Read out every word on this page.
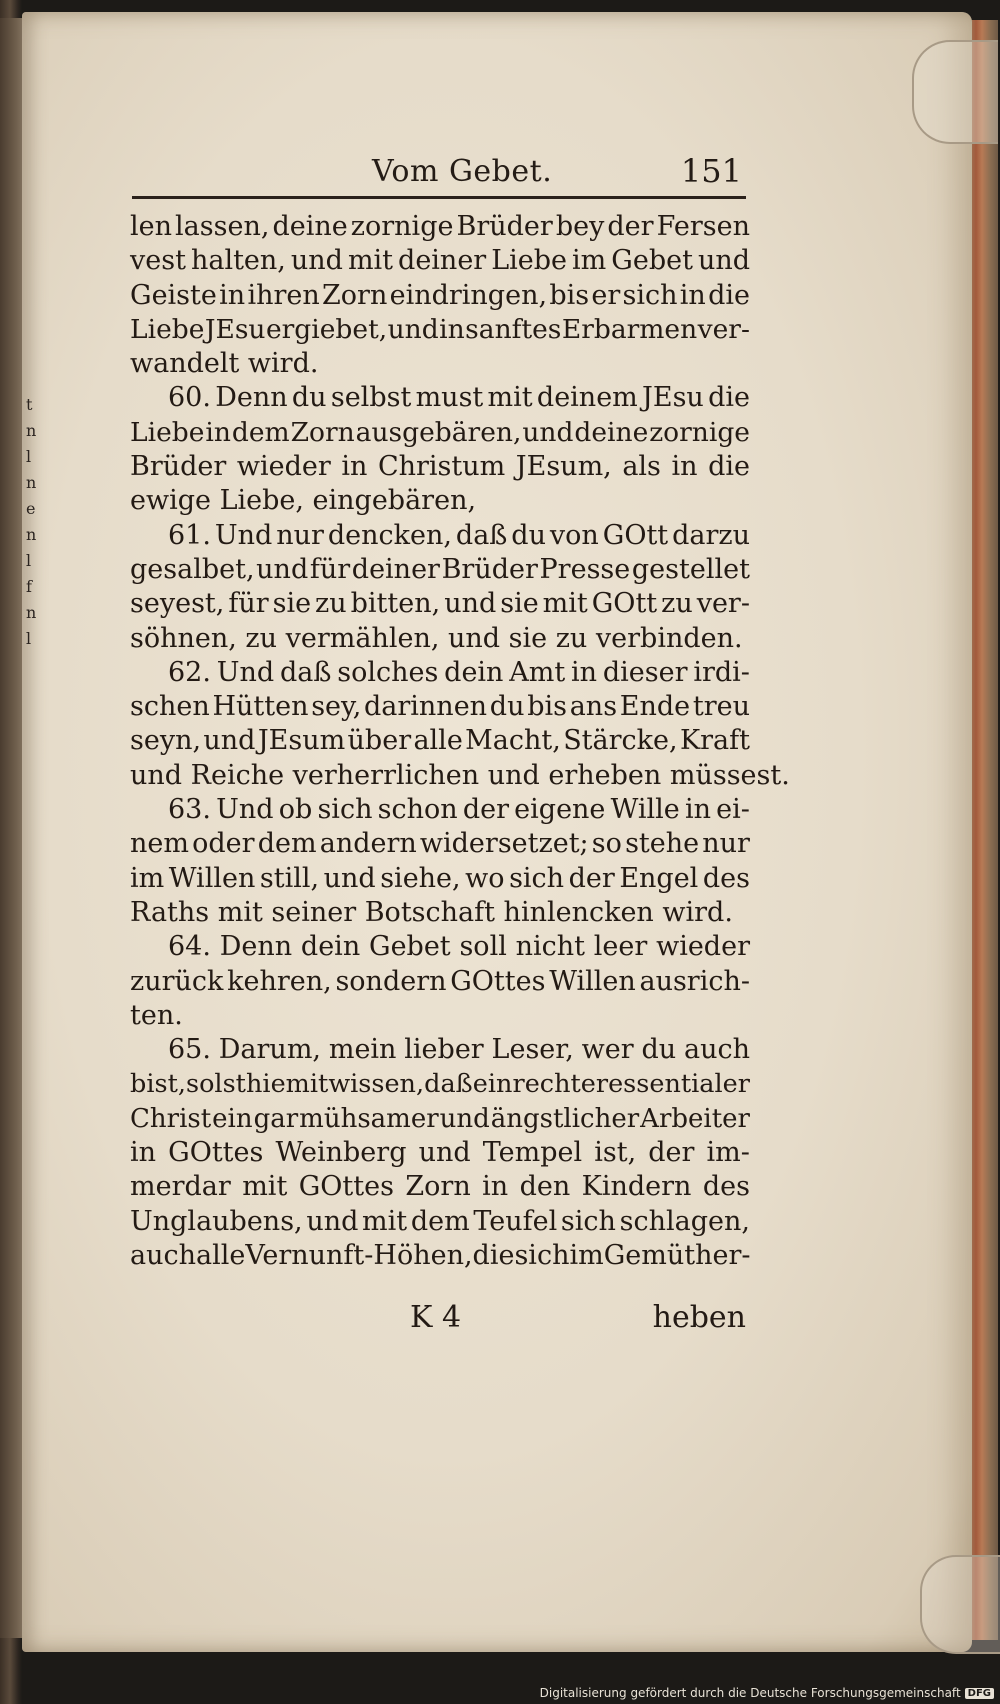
t
n
l
n
e
n
l
f
n
l
Vom Gebet.	151
len lassen, deine zornige Brüder bey der Fersen
vest halten, und mit deiner Liebe im Gebet und
Geiste in ihren Zorn eindringen, bis er sich in die
Liebe JEsu ergiebet, und in sanftes Erbarmen ver-
wandelt wird.
60. Denn du selbst must mit deinem JEsu die
Liebe in dem Zorn ausgebären, und deine zornige
Brüder wieder in Christum JEsum, als in die
ewige Liebe, eingebären,
61. Und nur dencken, daß du von GOtt darzu
gesalbet, und für deiner Brüder Presse gestellet
seyest, für sie zu bitten, und sie mit GOtt zu ver-
söhnen, zu vermählen, und sie zu verbinden.
62. Und daß solches dein Amt in dieser irdi-
schen Hütten sey, darinnen du bis ans Ende treu
seyn, und JEsum über alle Macht, Stärcke, Kraft
und Reiche verherrlichen und erheben müssest.
63. Und ob sich schon der eigene Wille in ei-
nem oder dem andern widersetzet; so stehe nur
im Willen still, und siehe, wo sich der Engel des
Raths mit seiner Botschaft hinlencken wird.
64. Denn dein Gebet soll nicht leer wieder
zurück kehren, sondern GOttes Willen ausrich-
ten.
65. Darum, mein lieber Leser, wer du auch
bist, solst hiemit wissen, daß ein rechter essentialer
Christ ein gar mühsamer und ängstlicher Arbeiter
in GOttes Weinberg und Tempel ist, der im-
merdar mit GOttes Zorn in den Kindern des
Unglaubens, und mit dem Teufel sich schlagen,
auch alle Vernunft-Höhen, die sich im Gemüth er-
K 4	heben
Digitalisierung gefördert durch die Deutsche Forschungsgemeinschaft DFG
